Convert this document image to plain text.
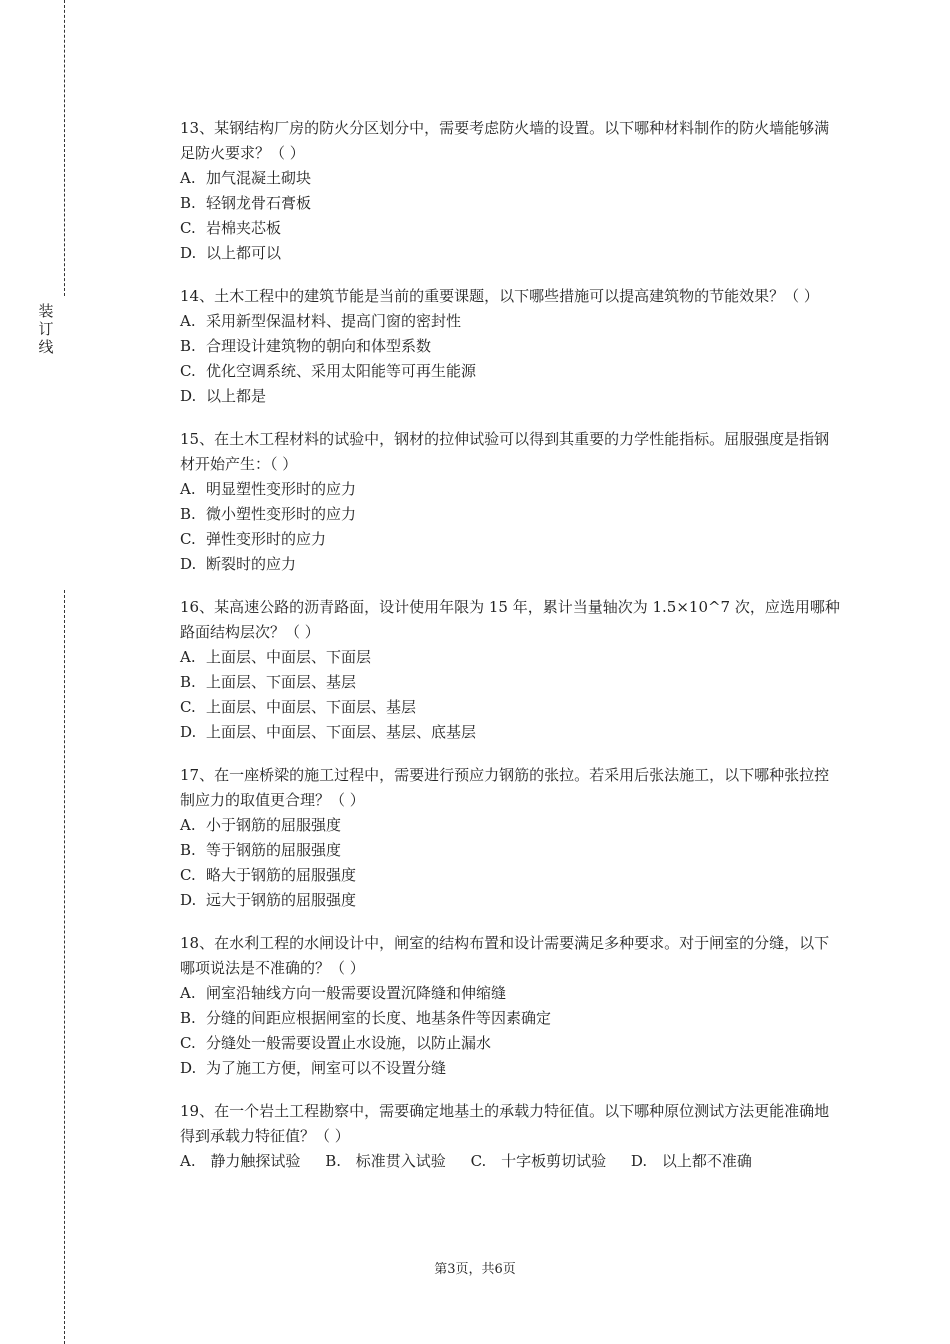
装
订
线

13、某钢结构厂房的防火分区划分中，需要考虑防火墙的设置。以下哪种材料制作的防火墙能够满足防火要求？（ ）

A. 加气混凝土砌块

B. 轻钢龙骨石膏板

C. 岩棉夹芯板

D. 以上都可以

14、土木工程中的建筑节能是当前的重要课题，以下哪些措施可以提高建筑物的节能效果？（ ）

A. 采用新型保温材料、提高门窗的密封性

B. 合理设计建筑物的朝向和体型系数

C. 优化空调系统、采用太阳能等可再生能源

D. 以上都是

15、在土木工程材料的试验中，钢材的拉伸试验可以得到其重要的力学性能指标。屈服强度是指钢材开始产生：（ ）

A. 明显塑性变形时的应力

B. 微小塑性变形时的应力

C. 弹性变形时的应力

D. 断裂时的应力

16、某高速公路的沥青路面，设计使用年限为 15 年，累计当量轴次为 1.5×10^7 次，应选用哪种路面结构层次？（ ）

A. 上面层、中面层、下面层

B. 上面层、下面层、基层

C. 上面层、中面层、下面层、基层

D. 上面层、中面层、下面层、基层、底基层

17、在一座桥梁的施工过程中，需要进行预应力钢筋的张拉。若采用后张法施工，以下哪种张拉控制应力的取值更合理？（ ）

A. 小于钢筋的屈服强度

B. 等于钢筋的屈服强度

C. 略大于钢筋的屈服强度

D. 远大于钢筋的屈服强度

18、在水利工程的水闸设计中，闸室的结构布置和设计需要满足多种要求。对于闸室的分缝，以下哪项说法是不准确的？（ ）

A. 闸室沿轴线方向一般需要设置沉降缝和伸缩缝

B. 分缝的间距应根据闸室的长度、地基条件等因素确定

C. 分缝处一般需要设置止水设施，以防止漏水

D. 为了施工方便，闸室可以不设置分缝

19、在一个岩土工程勘察中，需要确定地基土的承载力特征值。以下哪种原位测试方法更能准确地得到承载力特征值？（ ）

A. 静力触探试验 B. 标准贯入试验 C. 十字板剪切试验 D. 以上都不准确

第3页，共6页
